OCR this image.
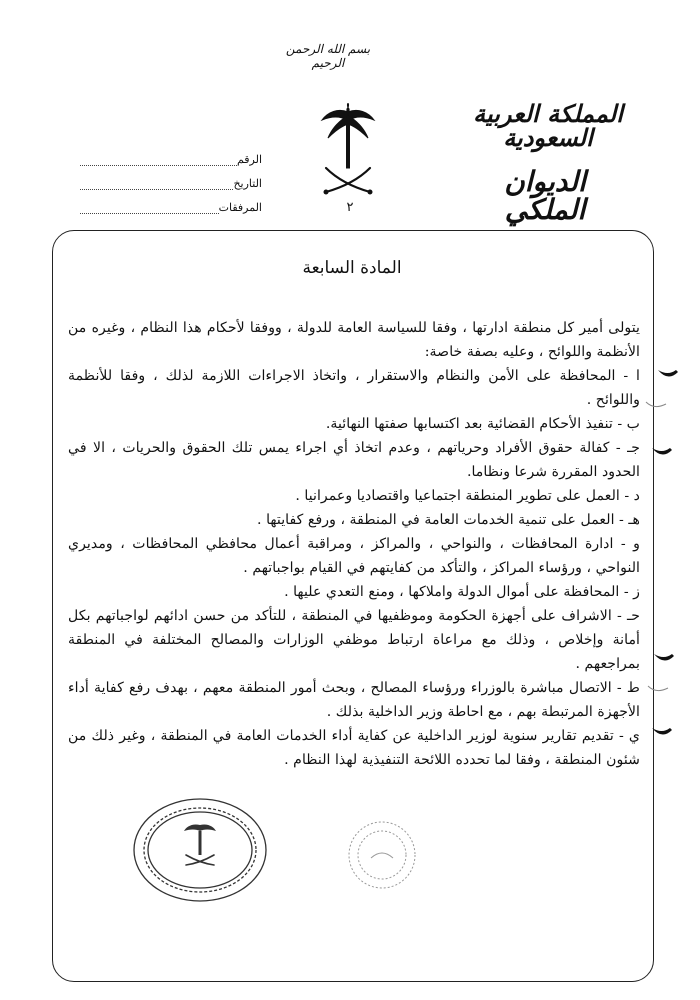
بسم الله الرحمن الرحيم
المملكة العربية السعودية
الديوان الملكي
الرقم
التاريخ
المرفقات	٢
المادة السابعة

يتولى أمير كل منطقة ادارتها ، وفقا للسياسة العامة للدولة ، ووفقا لأحكام هذا النظام ، وغيره من الأنظمة واللوائح ، وعليه بصفة خاصة:

ا - المحافظة على الأمن والنظام والاستقرار ، واتخاذ الاجراءات اللازمة لذلك ، وفقا للأنظمة واللوائح .

ب - تنفيذ الأحكام القضائية بعد اكتسابها صفتها النهائية.

جـ - كفالة حقوق الأفراد وحرياتهم ، وعدم اتخاذ أي اجراء يمس تلك الحقوق والحريات ، الا في الحدود المقررة شرعا ونظاما.

د - العمل على تطوير المنطقة اجتماعيا واقتصاديا وعمرانيا .

هـ - العمل على تنمية الخدمات العامة في المنطقة ، ورفع كفايتها .

و - ادارة المحافظات ، والنواحي ، والمراكز ، ومراقبة أعمال محافظي المحافظات ، ومديري النواحي ، ورؤساء المراكز ، والتأكد من كفايتهم في القيام بواجباتهم .

ز - المحافظة على أموال الدولة واملاكها ، ومنع التعدي عليها .

حـ - الاشراف على أجهزة الحكومة وموظفيها في المنطقة ، للتأكد من حسن ادائهم لواجباتهم بكل أمانة وإخلاص ، وذلك مع مراعاة ارتباط موظفي الوزارات والمصالح المختلفة في المنطقة بمراجعهم .

ط - الاتصال مباشرة بالوزراء ورؤساء المصالح ، وبحث أمور المنطقة معهم ، بهدف رفع كفاية أداء الأجهزة المرتبطة بهم ، مع احاطة وزير الداخلية بذلك .

ي - تقديم تقارير سنوية لوزير الداخلية عن كفاية أداء الخدمات العامة في المنطقة ، وغير ذلك من شئون المنطقة ، وفقا لما تحدده اللائحة التنفيذية لهذا النظام .
